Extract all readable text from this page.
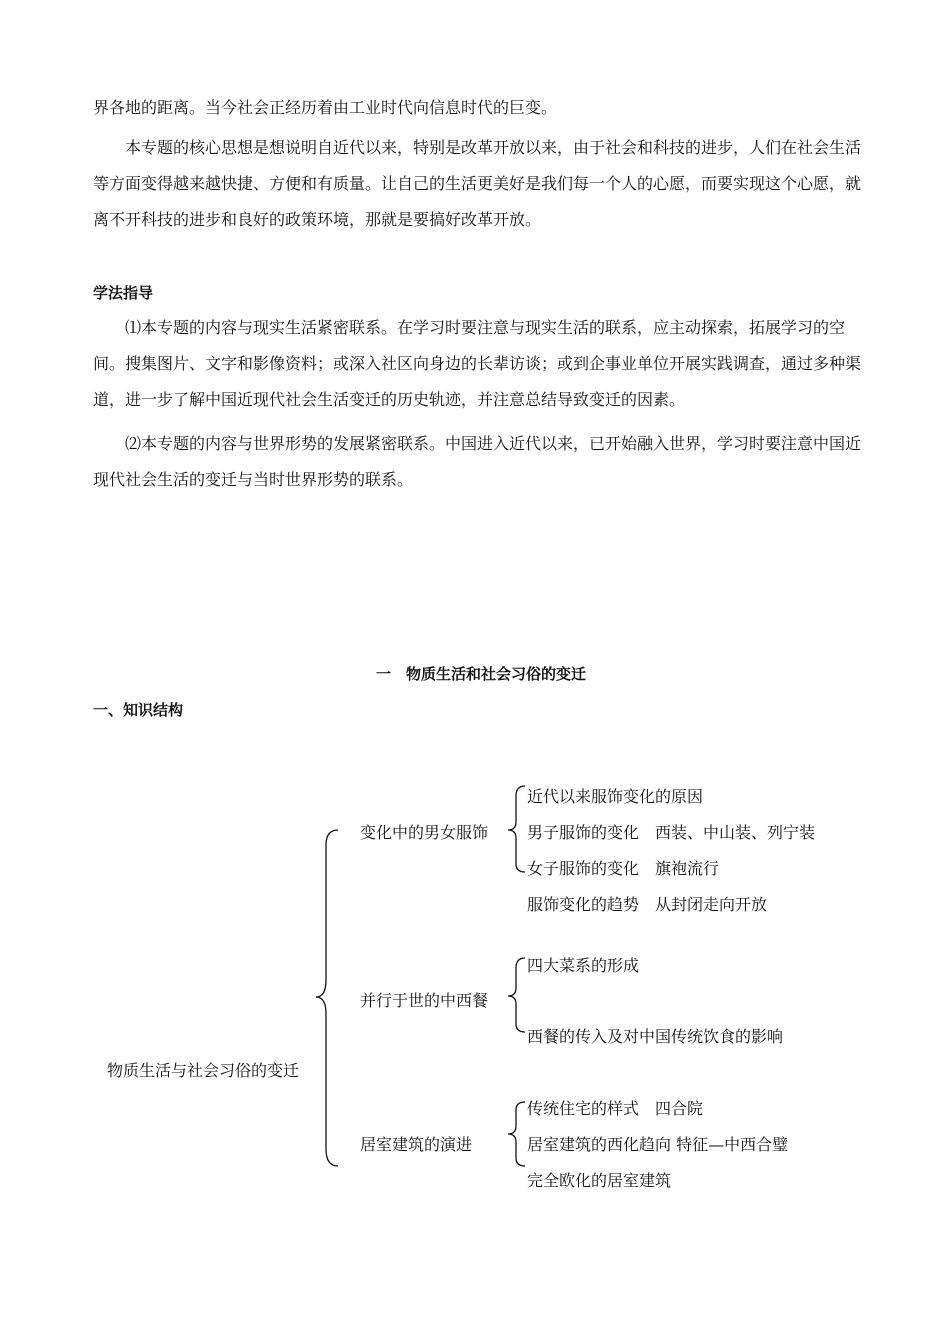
界各地的距离。当今社会正经历着由工业时代向信息时代的巨变。
本专题的核心思想是想说明自近代以来，特别是改革开放以来，由于社会和科技的进步，人们在社会生活等方面变得越来越快捷、方便和有质量。让自己的生活更美好是我们每一个人的心愿，而要实现这个心愿，就离不开科技的进步和良好的政策环境，那就是要搞好改革开放。
学法指导
⑴本专题的内容与现实生活紧密联系。在学习时要注意与现实生活的联系，应主动探索，拓展学习的空间。搜集图片、文字和影像资料；或深入社区向身边的长辈访谈；或到企事业单位开展实践调查，通过多种渠道，进一步了解中国近现代社会生活变迁的历史轨迹，并注意总结导致变迁的因素。
⑵本专题的内容与世界形势的发展紧密联系。中国进入近代以来，已开始融入世界，学习时要注意中国近现代社会生活的变迁与当时世界形势的联系。
一　物质生活和社会习俗的变迁
一、知识结构
物质生活与社会习俗的变迁
变化中的男女服饰
近代以来服饰变化的原因
男子服饰的变化　西装、中山装、列宁装
女子服饰的变化　旗袍流行
服饰变化的趋势　从封闭走向开放
并行于世的中西餐
四大菜系的形成
西餐的传入及对中国传统饮食的影响
居室建筑的演进
传统住宅的样式　四合院
居室建筑的西化趋向 特征—中西合璧
完全欧化的居室建筑
